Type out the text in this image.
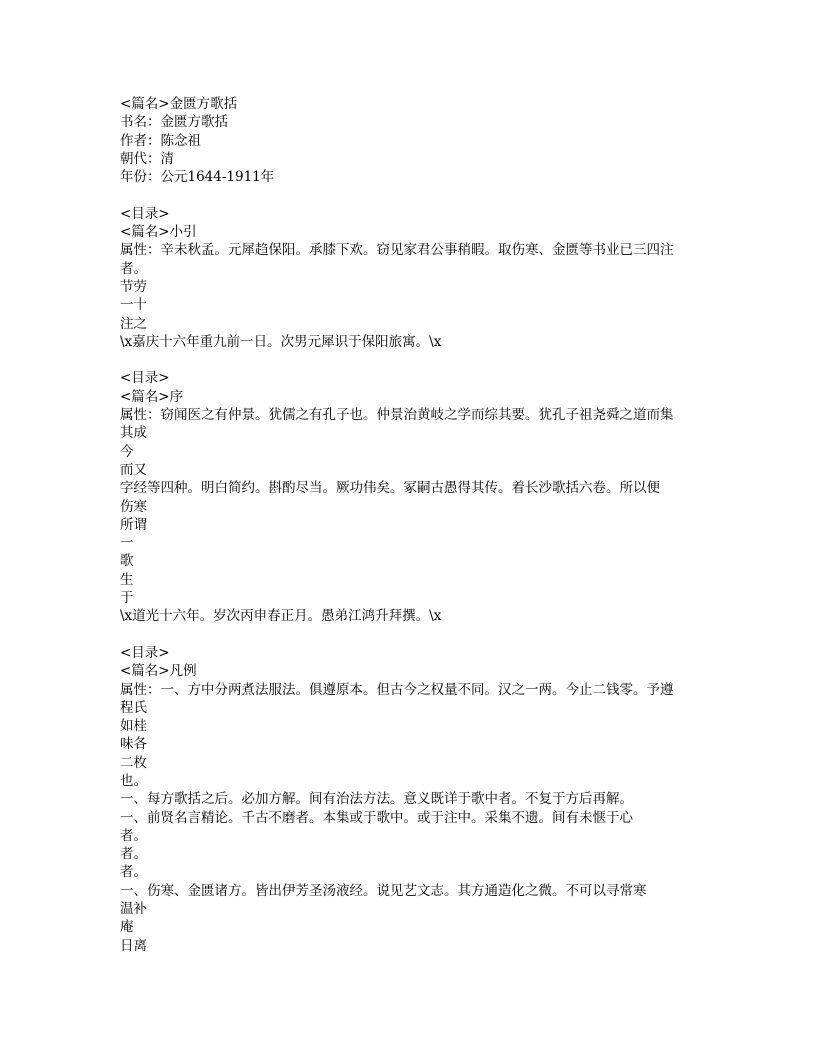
<篇名>金匮方歌括
书名：金匮方歌括
作者：陈念祖
朝代：清
年份：公元1644-1911年
<目录>
<篇名>小引
属性：辛未秋孟。元犀趋保阳。承膝下欢。窃见家君公事稍暇。取伤寒、金匮等书业已三四注
者。
节劳
一十
注之
\x嘉庆十六年重九前一日。次男元犀识于保阳旅寓。\x
<目录>
<篇名>序
属性：窃闻医之有仲景。犹儒之有孔子也。仲景治黄岐之学而综其要。犹孔子祖尧舜之道而集
其成
今
而又
字经等四种。明白简约。斟酌尽当。厥功伟矣。冢嗣古愚得其传。着长沙歌括六卷。所以便
伤寒
所谓
一
歌
生
于
\x道光十六年。岁次丙申春正月。愚弟江鸿升拜撰。\x
<目录>
<篇名>凡例
属性：一、方中分两煮法服法。俱遵原本。但古今之权量不同。汉之一两。今止二钱零。予遵
程氏
如桂
味各
二枚
也。
一、每方歌括之后。必加方解。间有治法方法。意义既详于歌中者。不复于方后再解。
一、前贤名言精论。千古不磨者。本集或于歌中。或于注中。采集不遗。间有未惬于心
者。
者。
者。
一、伤寒、金匮诸方。皆出伊芳圣汤液经。说见艺文志。其方通造化之微。不可以寻常寒
温补
庵
日离
